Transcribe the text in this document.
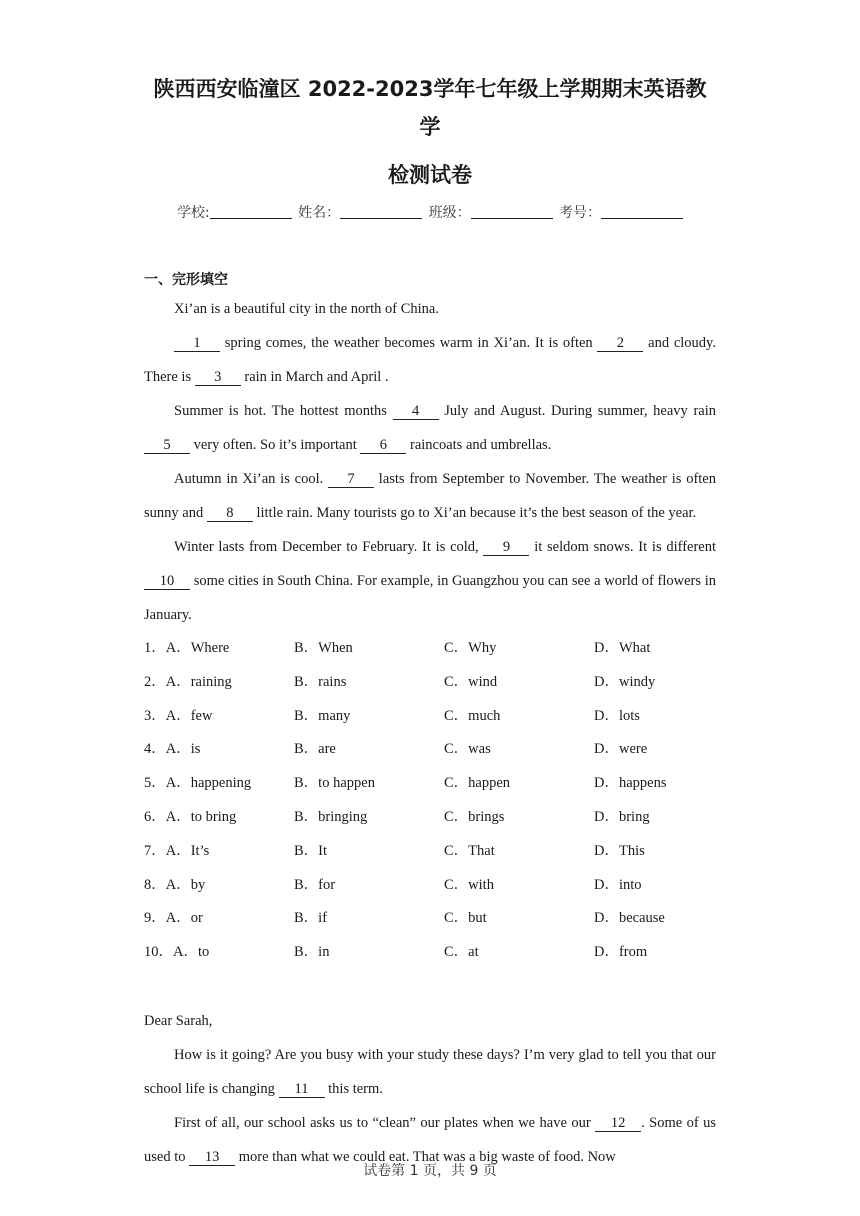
陕西西安临潼区 2022-2023学年七年级上学期期末英语教学
检测试卷
学校:	姓名：	班级：	考号：
一、完形填空

Xi’an is a beautiful city in the north of China.

1 spring comes, the weather becomes warm in Xi’an. It is often 2 and cloudy. There is 3 rain in March and April .

Summer is hot. The hottest months 4 July and August. During summer, heavy rain 5 very often. So it’s important 6 raincoats and umbrellas.

Autumn in Xi’an is cool. 7 lasts from September to November. The weather is often sunny and 8 little rain. Many tourists go to Xi’an because it’s the best season of the year.

Winter lasts from December to February. It is cold, 9 it seldom snows. It is different 10 some cities in South China. For example, in Guangzhou you can see a world of flowers in January.

1．A．Where	B．When	C．Why	D．What
2．A．raining	B．rains	C．wind	D．windy
3．A．few	B．many	C．much	D．lots
4．A．is	B．are	C．was	D．were
5．A．happening	B．to happen	C．happen	D．happens
6．A．to bring	B．bringing	C．brings	D．bring
7．A．It’s	B．It	C．That	D．This
8．A．by	B．for	C．with	D．into
9．A．or	B．if	C．but	D．because
10．A．to	B．in	C．at	D．from

Dear Sarah,

How is it going? Are you busy with your study these days? I’m very glad to tell you that our school life is changing 11 this term.

First of all, our school asks us to “clean” our plates when we have our 12 . Some of us used to 13 more than what we could eat. That was a big waste of food. Now

试卷第 1 页，共 9 页
